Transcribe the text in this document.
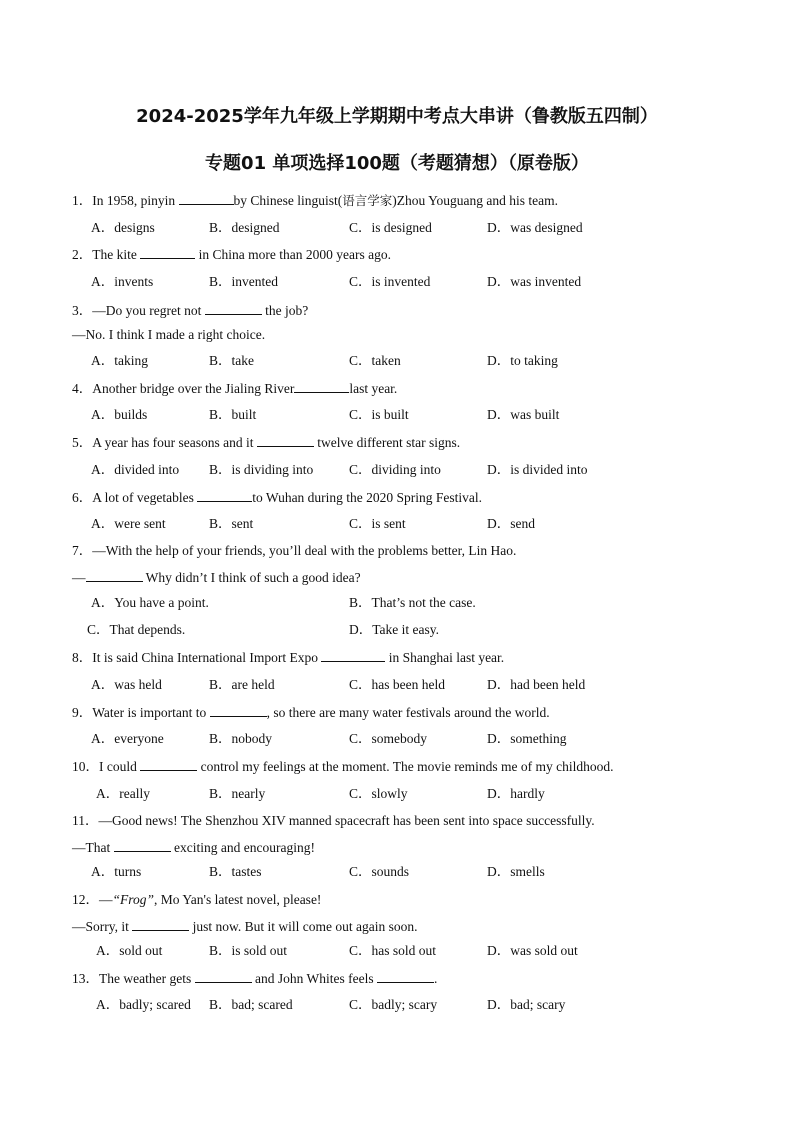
2024-2025学年九年级上学期期中考点大串讲（鲁教版五四制）
专题01 单项选择100题（考题猜想）（原卷版）
1．In 1958, pinyin	by Chinese linguist(语言学家)Zhou Youguang and his team.
A．designs	B．designed	C．is designed	D．was designed
2．The kite	in China more than 2000 years ago.
A．invents	B．invented	C．is invented	D．was invented
3．—Do you regret not	the job?
—No. I think I made a right choice.
A．taking	B．take	C．taken	D．to taking
4．Another bridge over the Jialing River	last year.
A．builds	B．built	C．is built	D．was built
5．A year has four seasons and it	twelve different star signs.
A．divided into B．is dividing into	C．dividing into	D．is divided into
6．A lot of vegetables	to Wuhan during the 2020 Spring Festival.
A．were sent	B．sent	C．is sent	D．send
7．—With the help of your friends, you’ll deal with the problems better, Lin Hao.
—	Why didn’t I think of such a good idea?
A．You have a point.	B．That’s not the case.
C．That depends.	D．Take it easy.
8．It is said China International Import Expo	in Shanghai last year.
A．was held	B．are held	C．has been held	D．had been held
9．Water is important to	, so there are many water festivals around the world.
A．everyone	B．nobody	C．somebody	D．something
10．I could	control my feelings at the moment. The movie reminds me of my childhood.
A．really	B．nearly	C．slowly	D．hardly
11．—Good news! The Shenzhou XIV manned spacecraft has been sent into space successfully.
—That	exciting and encouraging!
A．turns	B．tastes	C．sounds	D．smells
12．—“Frog”, Mo Yan's latest novel, please!
—Sorry, it	just now. But it will come out again soon.
A．sold out	B．is sold out	C．has sold out	D．was sold out
13．The weather gets	and John Whites feels	.
A．badly; scared B．bad; scared	C．badly; scary	D．bad; scary
